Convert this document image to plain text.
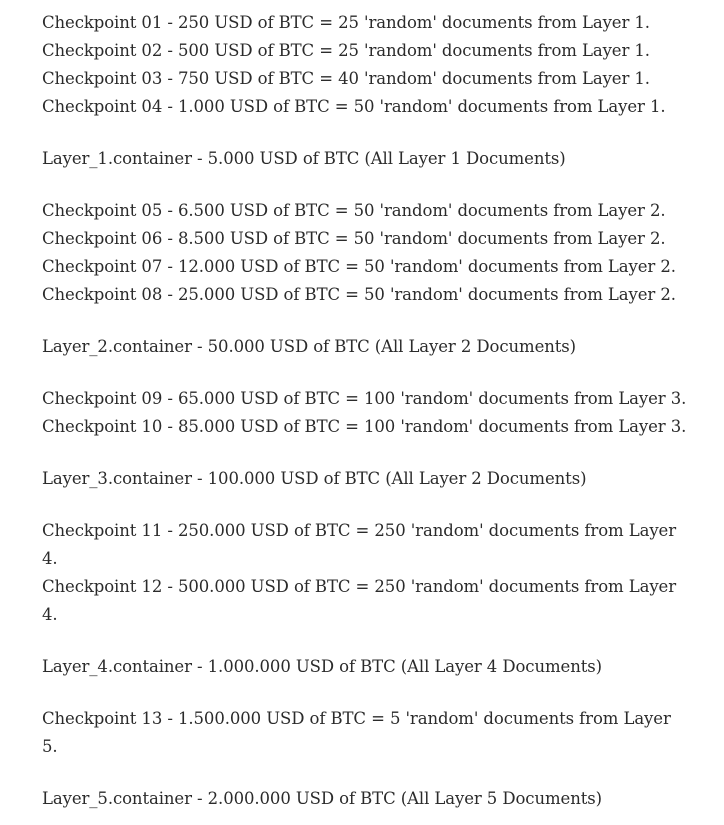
Checkpoint 01 - 250 USD of BTC = 25 'random' documents from Layer 1.
Checkpoint 02 - 500 USD of BTC = 25 'random' documents from Layer 1.
Checkpoint 03 - 750 USD of BTC = 40 'random' documents from Layer 1.
Checkpoint 04 - 1.000 USD of BTC = 50 'random' documents from Layer 1.

Layer_1.container - 5.000 USD of BTC (All Layer 1 Documents)

Checkpoint 05 - 6.500 USD of BTC = 50 'random' documents from Layer 2.
Checkpoint 06 - 8.500 USD of BTC = 50 'random' documents from Layer 2.
Checkpoint 07 - 12.000 USD of BTC = 50 'random' documents from Layer 2.
Checkpoint 08 - 25.000 USD of BTC = 50 'random' documents from Layer 2.

Layer_2.container - 50.000 USD of BTC (All Layer 2 Documents)

Checkpoint 09 - 65.000 USD of BTC = 100 'random' documents from Layer 3.
Checkpoint 10 - 85.000 USD of BTC = 100 'random' documents from Layer 3.

Layer_3.container - 100.000 USD of BTC (All Layer 2 Documents)

Checkpoint 11 - 250.000 USD of BTC = 250 'random' documents from Layer 4.
Checkpoint 12 - 500.000 USD of BTC = 250 'random' documents from Layer 4.

Layer_4.container - 1.000.000 USD of BTC (All Layer 4 Documents)

Checkpoint 13 - 1.500.000 USD of BTC = 5 'random' documents from Layer 5.

Layer_5.container - 2.000.000 USD of BTC (All Layer 5 Documents)
